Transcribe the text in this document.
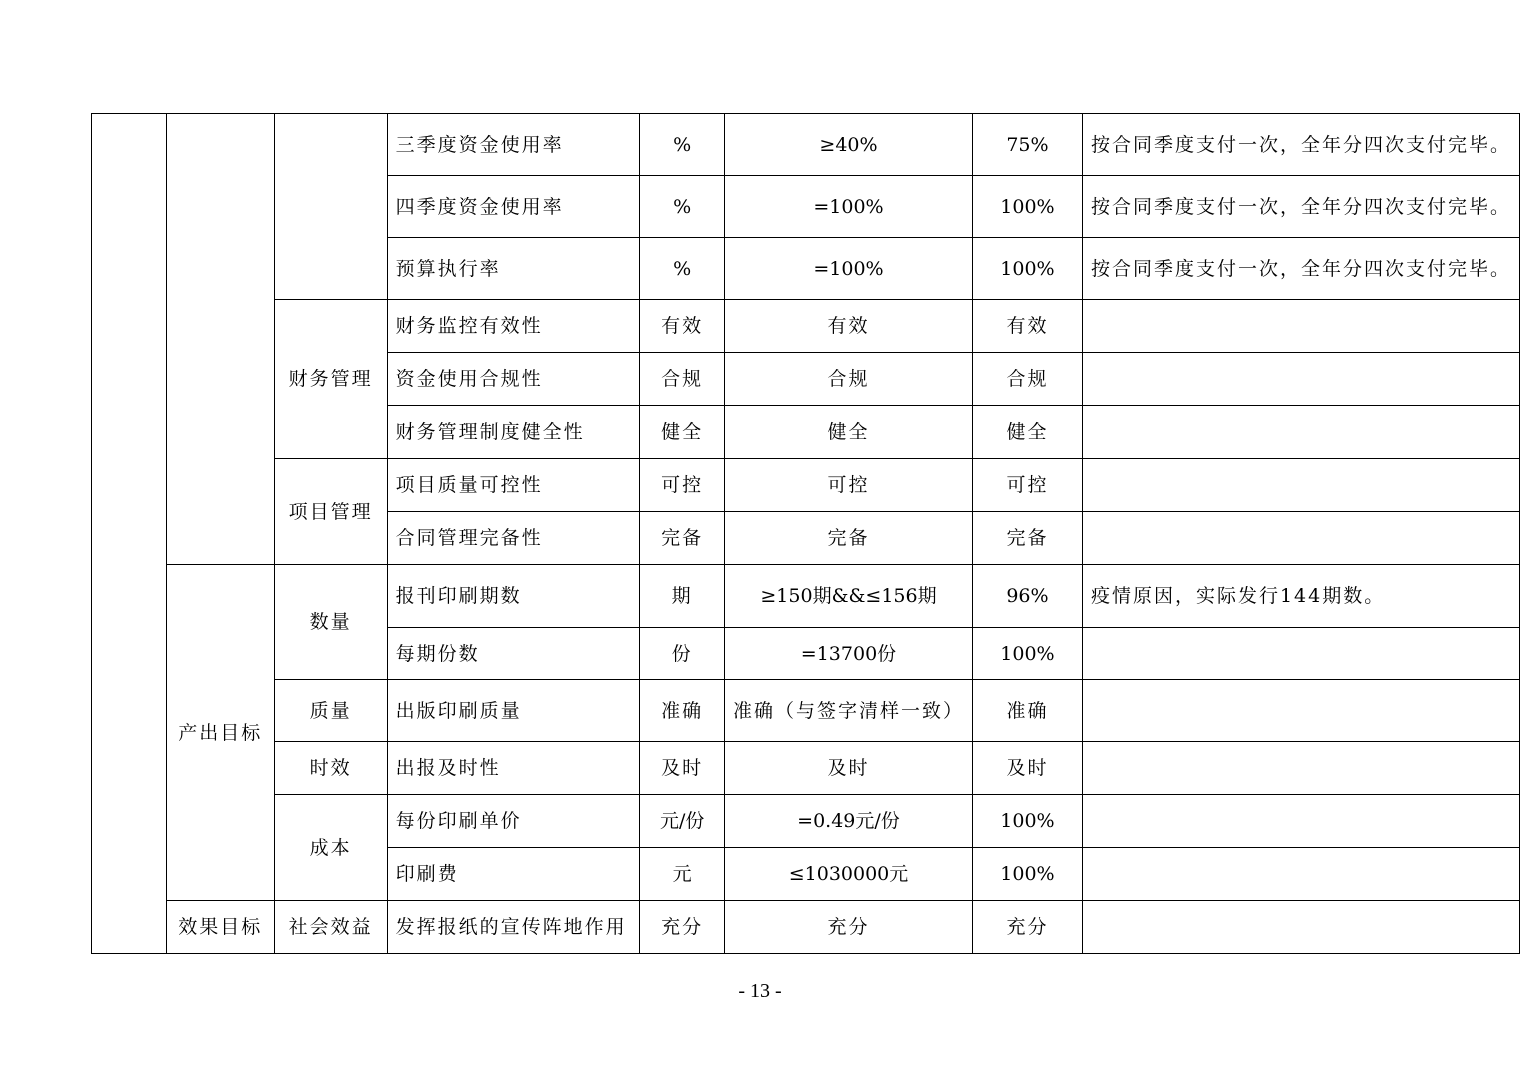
			三季度资金使用率	%	≥40%	75%	按合同季度支付一次，全年分四次支付完毕。
			四季度资金使用率	%	=100%	100%	按合同季度支付一次，全年分四次支付完毕。
			预算执行率	%	=100%	100%	按合同季度支付一次，全年分四次支付完毕。
		财务管理	财务监控有效性	有效	有效	有效	
			资金使用合规性	合规	合规	合规	
			财务管理制度健全性	健全	健全	健全	
		项目管理	项目质量可控性	可控	可控	可控	
			合同管理完备性	完备	完备	完备	
	产出目标	数量	报刊印刷期数	期	≥150期&&≤156期	96%	疫情原因，实际发行144期数。
			每期份数	份	=13700份	100%	
		质量	出版印刷质量	准确	准确（与签字清样一致）	准确	
		时效	出报及时性	及时	及时	及时	
		成本	每份印刷单价	元/份	=0.49元/份	100%	
			印刷费	元	≤1030000元	100%	
	效果目标	社会效益	发挥报纸的宣传阵地作用	充分	充分	充分	
- 13 -
